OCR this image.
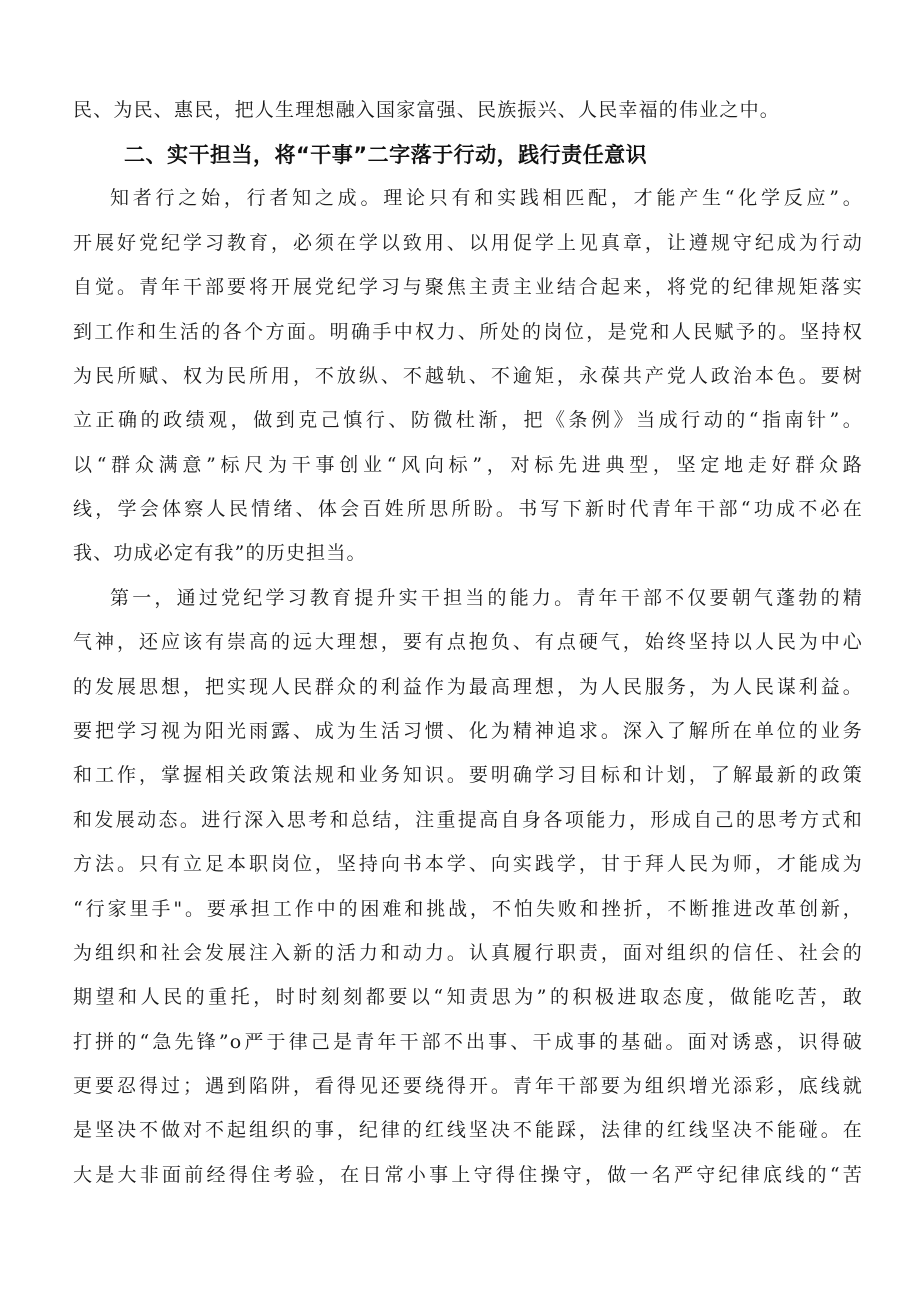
民、为民、惠民，把人生理想融入国家富强、民族振兴、人民幸福的伟业之中。
二、实干担当，将“干事”二字落于行动，践行责任意识
知者行之始，行者知之成。理论只有和实践相匹配，才能产生“化学反应”。
开展好党纪学习教育，必须在学以致用、以用促学上见真章，让遵规守纪成为行动
自觉。青年干部要将开展党纪学习与聚焦主责主业结合起来，将党的纪律规矩落实
到工作和生活的各个方面。明确手中权力、所处的岗位，是党和人民赋予的。坚持权
为民所赋、权为民所用，不放纵、不越轨、不逾矩，永葆共产党人政治本色。要树
立正确的政绩观，做到克己慎行、防微杜渐，把《条例》当成行动的“指南针”。
以“群众满意”标尺为干事创业“风向标”，对标先进典型，坚定地走好群众路
线，学会体察人民情绪、体会百姓所思所盼。书写下新时代青年干部“功成不必在
我、功成必定有我”的历史担当。
第一，通过党纪学习教育提升实干担当的能力。青年干部不仅要朝气蓬勃的精
气神，还应该有崇高的远大理想，要有点抱负、有点硬气，始终坚持以人民为中心
的发展思想，把实现人民群众的利益作为最高理想，为人民服务，为人民谋利益。
要把学习视为阳光雨露、成为生活习惯、化为精神追求。深入了解所在单位的业务
和工作，掌握相关政策法规和业务知识。要明确学习目标和计划，了解最新的政策
和发展动态。进行深入思考和总结，注重提高自身各项能力，形成自己的思考方式和
方法。只有立足本职岗位，坚持向书本学、向实践学，甘于拜人民为师，才能成为
“行家里手"。要承担工作中的困难和挑战，不怕失败和挫折，不断推进改革创新，
为组织和社会发展注入新的活力和动力。认真履行职责，面对组织的信任、社会的
期望和人民的重托，时时刻刻都要以“知责思为”的积极进取态度，做能吃苦，敢
打拼的“急先锋”o严于律己是青年干部不出事、干成事的基础。面对诱惑，识得破
更要忍得过；遇到陷阱，看得见还要绕得开。青年干部要为组织增光添彩，底线就
是坚决不做对不起组织的事，纪律的红线坚决不能踩，法律的红线坚决不能碰。在
大是大非面前经得住考验，在日常小事上守得住操守，做一名严守纪律底线的“苦
